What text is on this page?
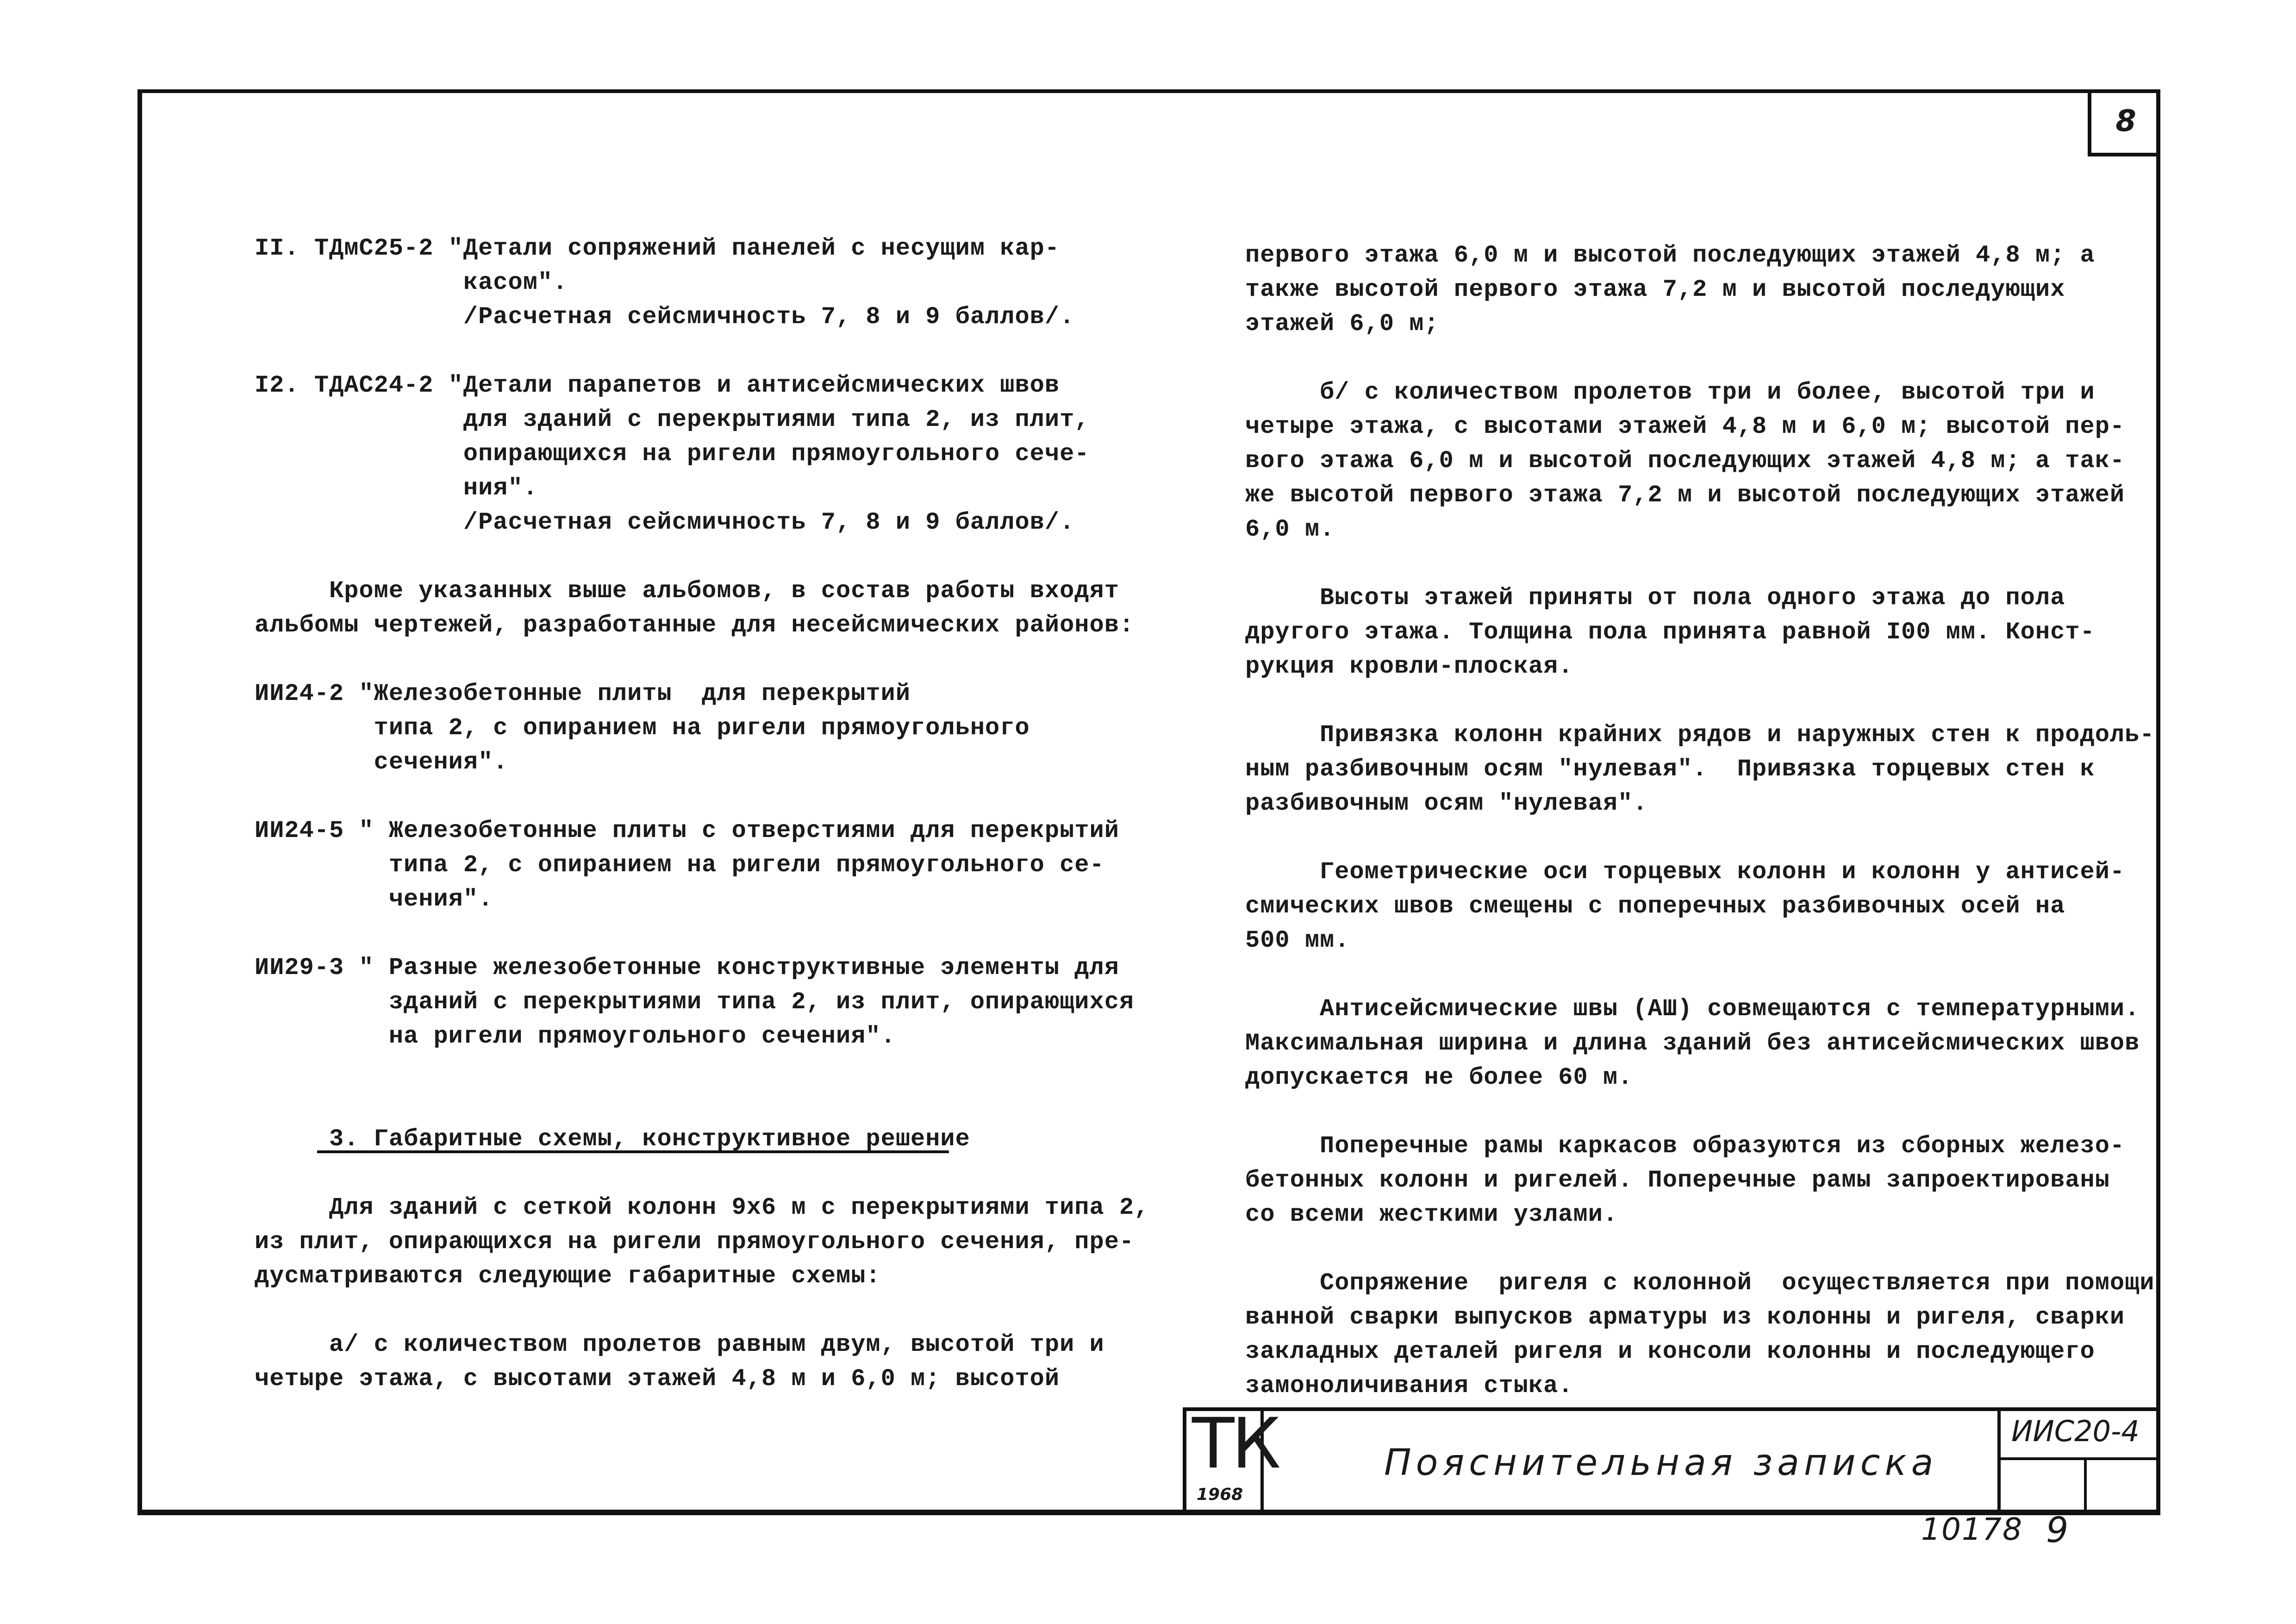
8
II. ТДмС25-2 "Детали сопряжений панелей с несущим кар-
касом".
/Расчетная сейсмичность 7, 8 и 9 баллов/.
I2. ТДАС24-2 "Детали парапетов и антисейсмических швов
для зданий с перекрытиями типа 2, из плит,
опирающихся на ригели прямоугольного сече-
ния".
/Расчетная сейсмичность 7, 8 и 9 баллов/.
Кроме указанных выше альбомов, в состав работы входят
альбомы чертежей, разработанные для несейсмических районов:
ИИ24-2 "Железобетонные плиты  для перекрытий
типа 2, с опиранием на ригели прямоугольного
сечения".
ИИ24-5 " Железобетонные плиты с отверстиями для перекрытий
типа 2, с опиранием на ригели прямоугольного се-
чения".
ИИ29-3 " Разные железобетонные конструктивные элементы для
зданий с перекрытиями типа 2, из плит, опирающихся
на ригели прямоугольного сечения".
3. Габаритные схемы, конструктивное решение
Для зданий с сеткой колонн 9х6 м с перекрытиями типа 2,
из плит, опирающихся на ригели прямоугольного сечения, пре-
дусматриваются следующие габаритные схемы:
а/ с количеством пролетов равным двум, высотой три и
четыре этажа, с высотами этажей 4,8 м и 6,0 м; высотой
первого этажа 6,0 м и высотой последующих этажей 4,8 м; а
также высотой первого этажа 7,2 м и высотой последующих
этажей 6,0 м;
б/ с количеством пролетов три и более, высотой три и
четыре этажа, с высотами этажей 4,8 м и 6,0 м; высотой пер-
вого этажа 6,0 м и высотой последующих этажей 4,8 м; а так-
же высотой первого этажа 7,2 м и высотой последующих этажей
6,0 м.
Высоты этажей приняты от пола одного этажа до пола
другого этажа. Толщина пола принята равной I00 мм. Конст-
рукция кровли-плоская.
Привязка колонн крайних рядов и наружных стен к продоль-
ным разбивочным осям "нулевая".  Привязка торцевых стен к
разбивочным осям "нулевая".
Геометрические оси торцевых колонн и колонн у антисей-
смических швов смещены с поперечных разбивочных осей на
500 мм.
Антисейсмические швы (АШ) совмещаются с температурными.
Максимальная ширина и длина зданий без антисейсмических швов
допускается не более 60 м.
Поперечные рамы каркасов образуются из сборных железо-
бетонных колонн и ригелей. Поперечные рамы запроектированы
со всеми жесткими узлами.
Сопряжение  ригеля с колонной  осуществляется при помощи
ванной сварки выпусков арматуры из колонны и ригеля, сварки
закладных деталей ригеля и консоли колонны и последующего
замоноличивания стыка.
ТК
1968
Пояснительная записка
ИИС20-4
10178 9
